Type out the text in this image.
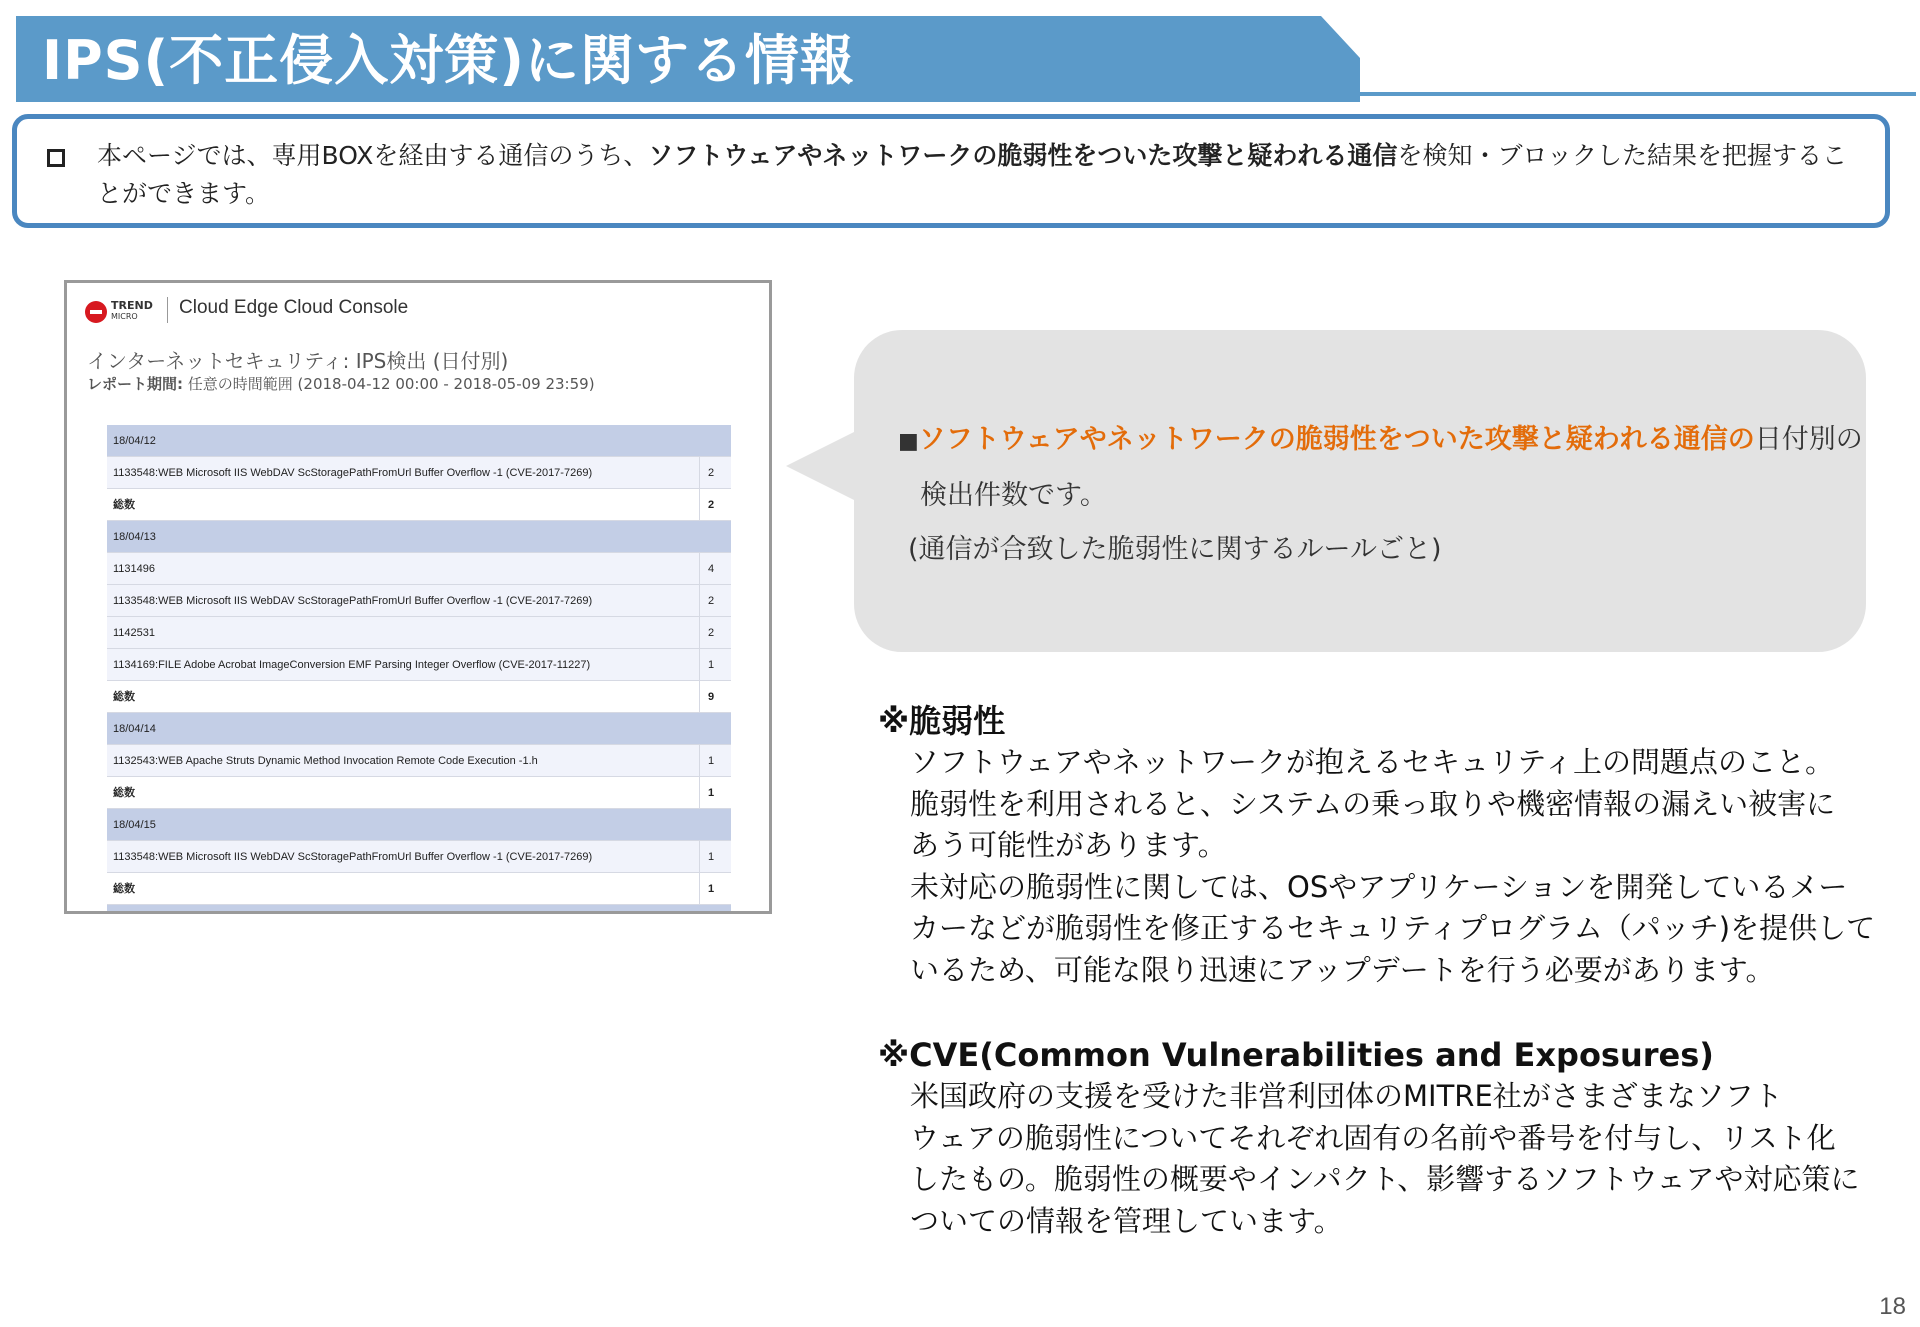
IPS(不正侵入対策)に関する情報
本ページでは、専用BOXを経由する通信のうち、ソフトウェアやネットワークの脆弱性をついた攻撃と疑われる通信を検知・ブロックした結果を把握するこ
とができます。
TREND
MICRO Cloud Edge Cloud Console
インターネットセキュリティ: IPS検出 (日付別)
レポート期間: 任意の時間範囲 (2018-04-12 00:00 - 2018-05-09 23:59)
18/04/12
1133548:WEB Microsoft IIS WebDAV ScStoragePathFromUrl Buffer Overflow -1 (CVE-2017-7269)	2
総数	2
18/04/13
1131496	4
1133548:WEB Microsoft IIS WebDAV ScStoragePathFromUrl Buffer Overflow -1 (CVE-2017-7269)	2
1142531	2
1134169:FILE Adobe Acrobat ImageConversion EMF Parsing Integer Overflow (CVE-2017-11227)	1
総数	9
18/04/14
1132543:WEB Apache Struts Dynamic Method Invocation Remote Code Execution -1.h	1
総数	1
18/04/15
1133548:WEB Microsoft IIS WebDAV ScStoragePathFromUrl Buffer Overflow -1 (CVE-2017-7269)	1
総数	1
■ソフトウェアやネットワークの脆弱性をついた攻撃と疑われる通信の日付別の
検出件数です。
(通信が合致した脆弱性に関するルールごと)
※脆弱性
ソフトウェアやネットワークが抱えるセキュリティ上の問題点のこと。
脆弱性を利用されると、システムの乗っ取りや機密情報の漏えい被害に
あう可能性があります。
未対応の脆弱性に関しては、OSやアプリケーションを開発しているメー
カーなどが脆弱性を修正するセキュリティプログラム（パッチ)を提供して
いるため、可能な限り迅速にアップデートを行う必要があります。
※CVE(Common Vulnerabilities and Exposures)
米国政府の支援を受けた非営利団体のMITRE社がさまざまなソフト
ウェアの脆弱性についてそれぞれ固有の名前や番号を付与し、リスト化
したもの。脆弱性の概要やインパクト、影響するソフトウェアや対応策に
ついての情報を管理しています。
18
